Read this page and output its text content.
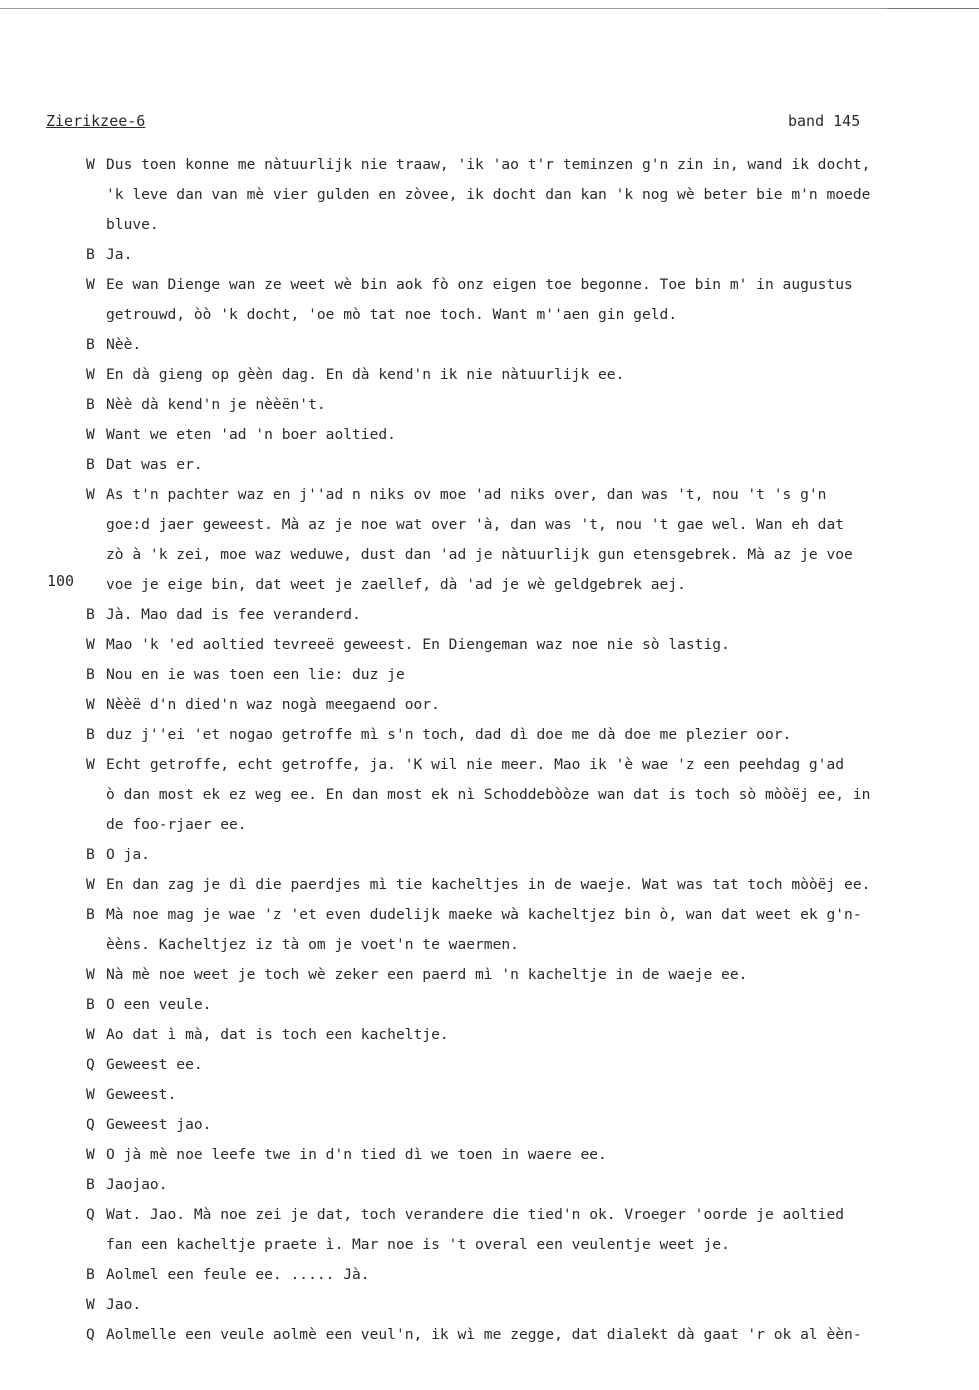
Zierikzee-6	band 145
100
W Dus toen konne me nàtuurlijk nie traaw, 'ik 'ao t'r teminzen g'n zin in, wand ik docht,
'k leve dan van mè vier gulden en zòvee, ik docht dan kan 'k nog wè beter bie m'n moede
bluve.
B Ja.
W Ee wan Dienge wan ze weet wè bin aok fò onz eigen toe begonne. Toe bin m' in augustus
getrouwd, òò 'k docht, 'oe mò tat noe toch. Want m''aen gin geld.
B Nèè.
W En dà gieng op gèèn dag. En dà kend'n ik nie nàtuurlijk ee.
B Nèè dà kend'n je nèèën't.
W Want we eten 'ad 'n boer aoltied.
B Dat was er.
W As t'n pachter waz en j''ad n niks ov moe 'ad niks over, dan was 't, nou 't 's g'n
goe:d jaer geweest. Mà az je noe wat over 'à, dan was 't, nou 't gae wel. Wan eh dat
zò à 'k zei, moe waz weduwe, dust dan 'ad je nàtuurlijk gun etensgebrek. Mà az je voe
voe je eige bin, dat weet je zaellef, dà 'ad je wè geldgebrek aej.
B Jà. Mao dad is fee veranderd.
W Mao 'k 'ed aoltied tevreeë geweest. En Diengeman waz noe nie sò lastig.
B Nou en ie was toen een lie: duz je
W Nèèë d'n died'n waz nogà meegaend oor.
B duz j''ei 'et nogao getroffe mì s'n toch, dad dì doe me dà doe me plezier oor.
W Echt getroffe, echt getroffe, ja. 'K wil nie meer. Mao ik 'è wae 'z een peehdag g'ad
ò dan most ek ez weg ee. En dan most ek nì Schoddebòòze wan dat is toch sò mòòëj ee, in
de foo-rjaer ee.
B O ja.
W En dan zag je dì die paerdjes mì tie kacheltjes in de waeje. Wat was tat toch mòòëj ee.
B Mà noe mag je wae 'z 'et even dudelijk maeke wà kacheltjez bin ò, wan dat weet ek g'n-
èèns. Kacheltjez iz tà om je voet'n te waermen.
W Nà mè noe weet je toch wè zeker een paerd mì 'n kacheltje in de waeje ee.
B O een veule.
W Ao dat ì mà, dat is toch een kacheltje.
Q Geweest ee.
W Geweest.
Q Geweest jao.
W O jà mè noe leefe twe in d'n tied dì we toen in waere ee.
B Jaojao.
Q Wat. Jao. Mà noe zei je dat, toch verandere die tied'n ok. Vroeger 'oorde je aoltied
fan een kacheltje praete ì. Mar noe is 't overal een veulentje weet je.
B Aolmel een feule ee. ..... Jà.
W Jao.
Q Aolmelle een veule aolmè een veul'n, ik wì me zegge, dat dialekt dà gaat 'r ok al èèn-
